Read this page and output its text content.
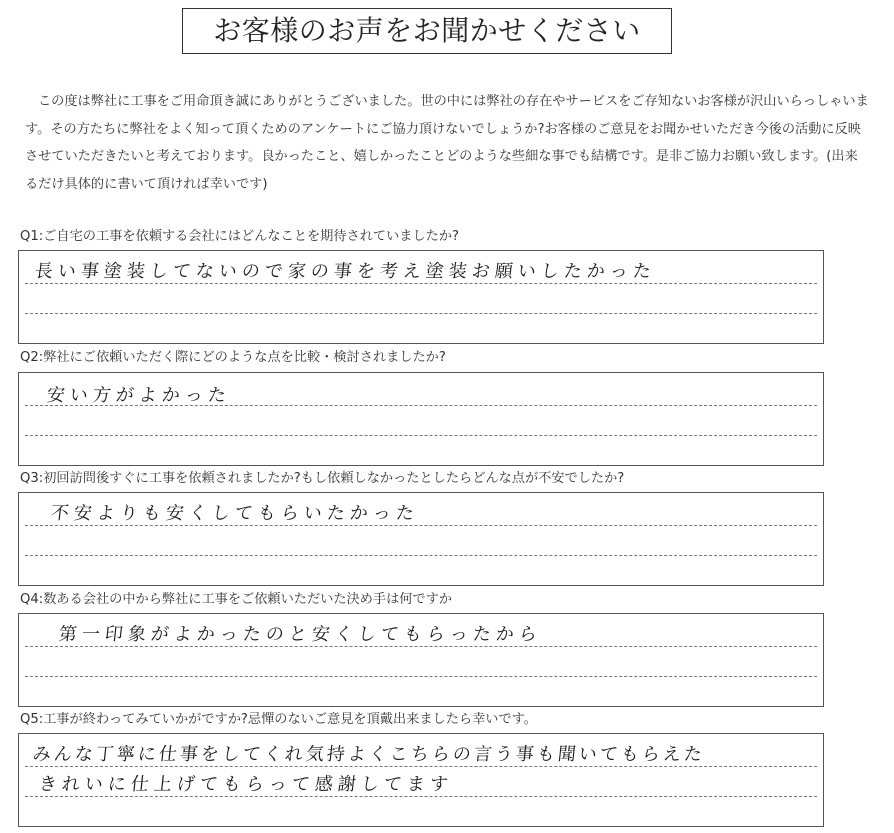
お客様のお声をお聞かせください

この度は弊社に工事をご用命頂き誠にありがとうございました。世の中には弊社の存在やサービスをご存知ないお客様が沢山いらっしゃいます。その方たちに弊社をよく知って頂くためのアンケートにご協力頂けないでしょうか?お客様のご意見をお聞かせいただき今後の活動に反映させていただきたいと考えております。良かったこと、嬉しかったことどのような些細な事でも結構です。是非ご協力お願い致します。(出来るだけ具体的に書いて頂ければ幸いです)

Q1:ご自宅の工事を依頼する会社にはどんなことを期待されていましたか?
長い事塗装してないので家の事を考え塗装お願いしたかった
Q2:弊社にご依頼いただく際にどのような点を比較・検討されましたか?
安い方がよかった
Q3:初回訪問後すぐに工事を依頼されましたか?もし依頼しなかったとしたらどんな点が不安でしたか?
不安よりも安くしてもらいたかった
Q4:数ある会社の中から弊社に工事をご依頼いただいた決め手は何ですか
第一印象がよかったのと安くしてもらったから
Q5:工事が終わってみていかがですか?忌憚のないご意見を頂戴出来ましたら幸いです。
みんな丁寧に仕事をしてくれ気持よくこちらの言う事も聞いてもらえた
きれいに仕上げてもらって感謝してます
